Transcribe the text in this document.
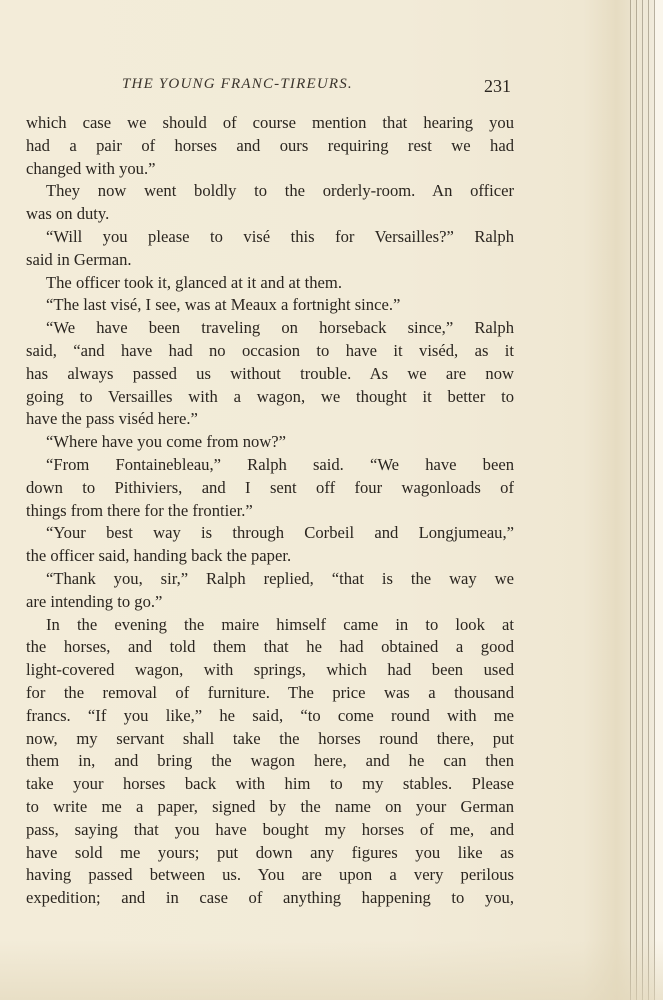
THE YOUNG FRANC-TIREURS.	231
which case we should of course mention that hearing you
had a pair of horses and ours requiring rest we had
changed with you.”
They now went boldly to the orderly-room. An officer
was on duty.
“Will you please to visé this for Versailles?” Ralph
said in German.
The officer took it, glanced at it and at them.
“The last visé, I see, was at Meaux a fortnight since.”
“We have been traveling on horseback since,” Ralph
said, “and have had no occasion to have it viséd, as it
has always passed us without trouble. As we are now
going to Versailles with a wagon, we thought it better to
have the pass viséd here.”
“Where have you come from now?”
“From Fontainebleau,” Ralph said. “We have been
down to Pithiviers, and I sent off four wagonloads of
things from there for the frontier.”
“Your best way is through Corbeil and Longjumeau,”
the officer said, handing back the paper.
“Thank you, sir,” Ralph replied, “that is the way we
are intending to go.”
In the evening the maire himself came in to look at
the horses, and told them that he had obtained a good
light-covered wagon, with springs, which had been used
for the removal of furniture. The price was a thousand
francs. “If you like,” he said, “to come round with me
now, my servant shall take the horses round there, put
them in, and bring the wagon here, and he can then
take your horses back with him to my stables. Please
to write me a paper, signed by the name on your German
pass, saying that you have bought my horses of me, and
have sold me yours; put down any figures you like as
having passed between us. You are upon a very perilous
expedition; and in case of anything happening to you,
